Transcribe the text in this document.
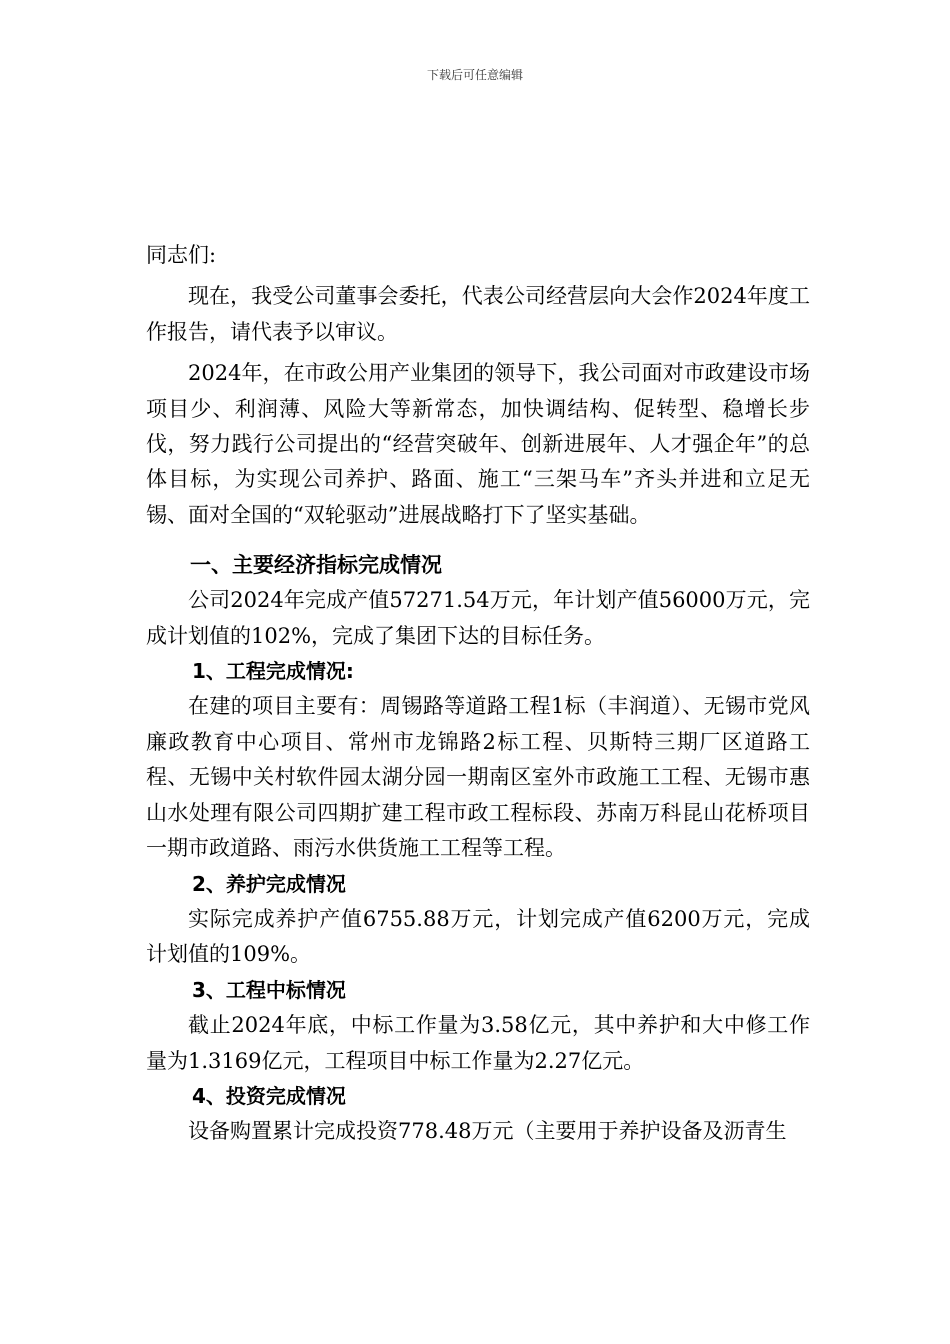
下载后可任意编辑

同志们:

现在，我受公司董事会委托，代表公司经营层向大会作2024年度工作报告，请代表予以审议。

2024年，在市政公用产业集团的领导下，我公司面对市政建设市场项目少、利润薄、风险大等新常态，加快调结构、促转型、稳增长步伐，努力践行公司提出的“经营突破年、创新进展年、人才强企年”的总体目标，为实现公司养护、路面、施工“三架马车”齐头并进和立足无锡、面对全国的“双轮驱动”进展战略打下了坚实基础。

一、主要经济指标完成情况

公司2024年完成产值57271.54万元，年计划产值56000万元，完成计划值的102%，完成了集团下达的目标任务。

1、工程完成情况:

在建的项目主要有：周锡路等道路工程1标（丰润道）、无锡市党风廉政教育中心项目、常州市龙锦路2标工程、贝斯特三期厂区道路工程、无锡中关村软件园太湖分园一期南区室外市政施工工程、无锡市惠山水处理有限公司四期扩建工程市政工程标段、苏南万科昆山花桥项目一期市政道路、雨污水供货施工工程等工程。

2、养护完成情况

实际完成养护产值6755.88万元，计划完成产值6200万元，完成计划值的109%。

3、工程中标情况

截止2024年底，中标工作量为3.58亿元，其中养护和大中修工作量为1.3169亿元，工程项目中标工作量为2.27亿元。

4、投资完成情况

设备购置累计完成投资778.48万元（主要用于养护设备及沥青生
